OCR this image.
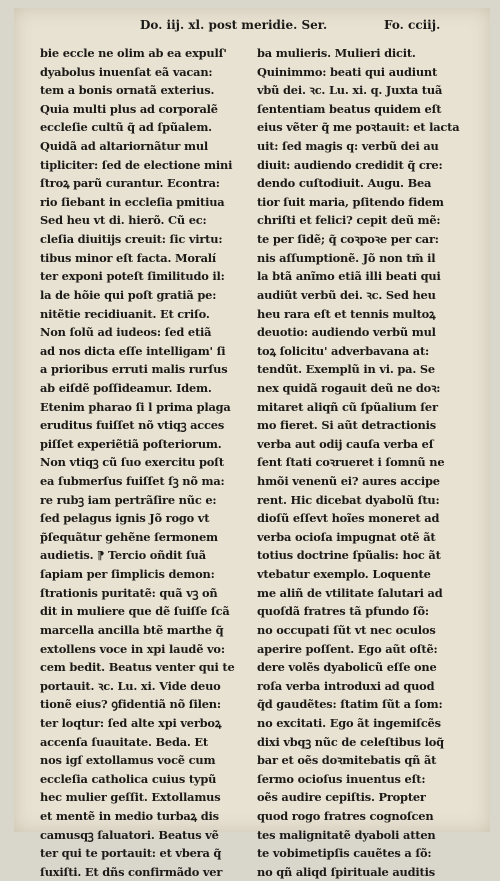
Do. iij. xl. post meridie. Ser.	Fo. cciij.
bie eccle ne olim ab ea expulſ'
dyabolus inuenſat eã vacan:
tem a bonis ornatã exterius.
Quia multi plus ad corporalẽ
eccleſie cultũ q̃ ad ſpũalem.
Quidã ad altariornãtur mul
tipliciter: ſed de electione mini
ſtroꝝ parũ curantur. Econtra:
rio ſiebant in eccleſia pmitiua
Sed heu vt di. hierõ. Cũ ec:
cleſia diuitijs creuit: ſic virtu:
tibus minor eſt facta. Moralí
ter exponi poteſt ſimilitudo il:
la de hõie qui poſt gratiã pe:
nitẽtie recidiuanit. Et criſo.
Non ſolũ ad iudeos: ſed etiã
ad nos dicta eſſe intelligam' ſi
a prioribus erruti malis rurſus
ab eiſdẽ poſſideamur. Idem.
Etenim pharao ſi l prima plaga
eruditus fuiſſet nõ vtiqꝫ acces
piſſet experiẽtiã poſteriorum.
Non vtiqꝫ cũ ſuo exercitu poſt
ea ſubmerſus fuiſſet ſꝫ nõ ma:
re rubꝫ iam pertrãſire nũc e:
ſed pelagus ignis Jõ rogo vt
p̃ſequãtur gehẽne ſermonem
audietis. ⁋ Tercio oñdit ſuã
ſapiam per ſimplicis demon:
ſtrationis puritatẽ: quã vꝫ oñ
dit in muliere que dẽ ſuiſſe ſcã
marcella ancilla btẽ marthe q̃
extollens voce in xpi laudẽ vo:
cem bedit. Beatus venter qui te
portauit. ꝛc. Lu. xi. Vide deuo
tionẽ eius? ꝯfidentiã nõ ſilen:
ter loqtur: ſed alte xpi verboꝝ
accenſa ſuauitate. Beda. Et
nos igſ extollamus vocẽ cum
eccleſia catholica cuius typũ
hec mulier geſſit. Extollamus
et mentẽ in medio turbaꝝ dis
camusqꝫ ſaluatori. Beatus vẽ
ter qui te portauit: et vbera q̃
ſuxiſti. Et dñs confirmãdo ver
ba mulieris. Mulieri dicit.
Quinimmo: beati qui audiunt
vbũ dei. ꝛc. Lu. xi. q. Juxta tuã
ſententiam beatus quidem eſt
eius vẽter q̃ me poꝛtauit: et lacta
uit: ſed magis q: verbũ dei au
diuit: audiendo credidit q̃ cre:
dendo cuſtodiuit. Augu. Bea
tior ſuit maria, pſitendo fidem
chriſti et felici? cepit deũ mẽ:
te per ſidẽ; q̃ coꝛpoꝛe per car:
nis aſſumptionẽ. Jõ non tm̃ il
la btã anĩmo etiã illi beati qui
audiũt verbũ dei. ꝛc. Sed heu
heu rara eſt et tennis multoꝝ
deuotio: audiendo verbũ mul
toꝝ ſolicitu' adverbavana at:
tendũt. Exemplũ in vi. pa. Se
nex quidã rogauit deũ ne doꝛ:
mitaret aliqñ cũ ſpũalium ſer
mo fieret. Si aũt detractionis
verba aut odij cauſa verba eſ
ſent ſtati coꝛrueret i ſomnũ ne
hmõi venenũ ei? aures accipe
rent. Hic dicebat dyabolũ ſtu:
dioſũ eſſevt hoĩes moneret ad
verba ocioſa impugnat otẽ ãt
totius doctrine ſpũalis: hoc ãt
vtebatur exemplo. Loquente
me aliñ de vtilitate ſalutari ad
quoſdã fratres tã pfundo ſõ:
no occupati ſũt vt nec oculos
aperire poſſent. Ego aũt oſtẽ:
dere volẽs dyabolicũ eſſe one
roſa verba introduxi ad quod
q̃d gaudẽtes: ſtatim ſũt a ſom:
no excitati. Ego ãt ingemiſcẽs
dixi vbqꝫ nũc de celeſtibus loq̃
bar et oẽs doꝛmitebatis qñ ãt
ſermo ocioſus inuentus eſt:
oẽs audire cepiſtis. Propter
quod rogo fratres cognoſcen
tes malignitatẽ dyaboli atten
te vobimetipſis cauẽtes a ſõ:
no qñ aliqd ſpirituale auditis
